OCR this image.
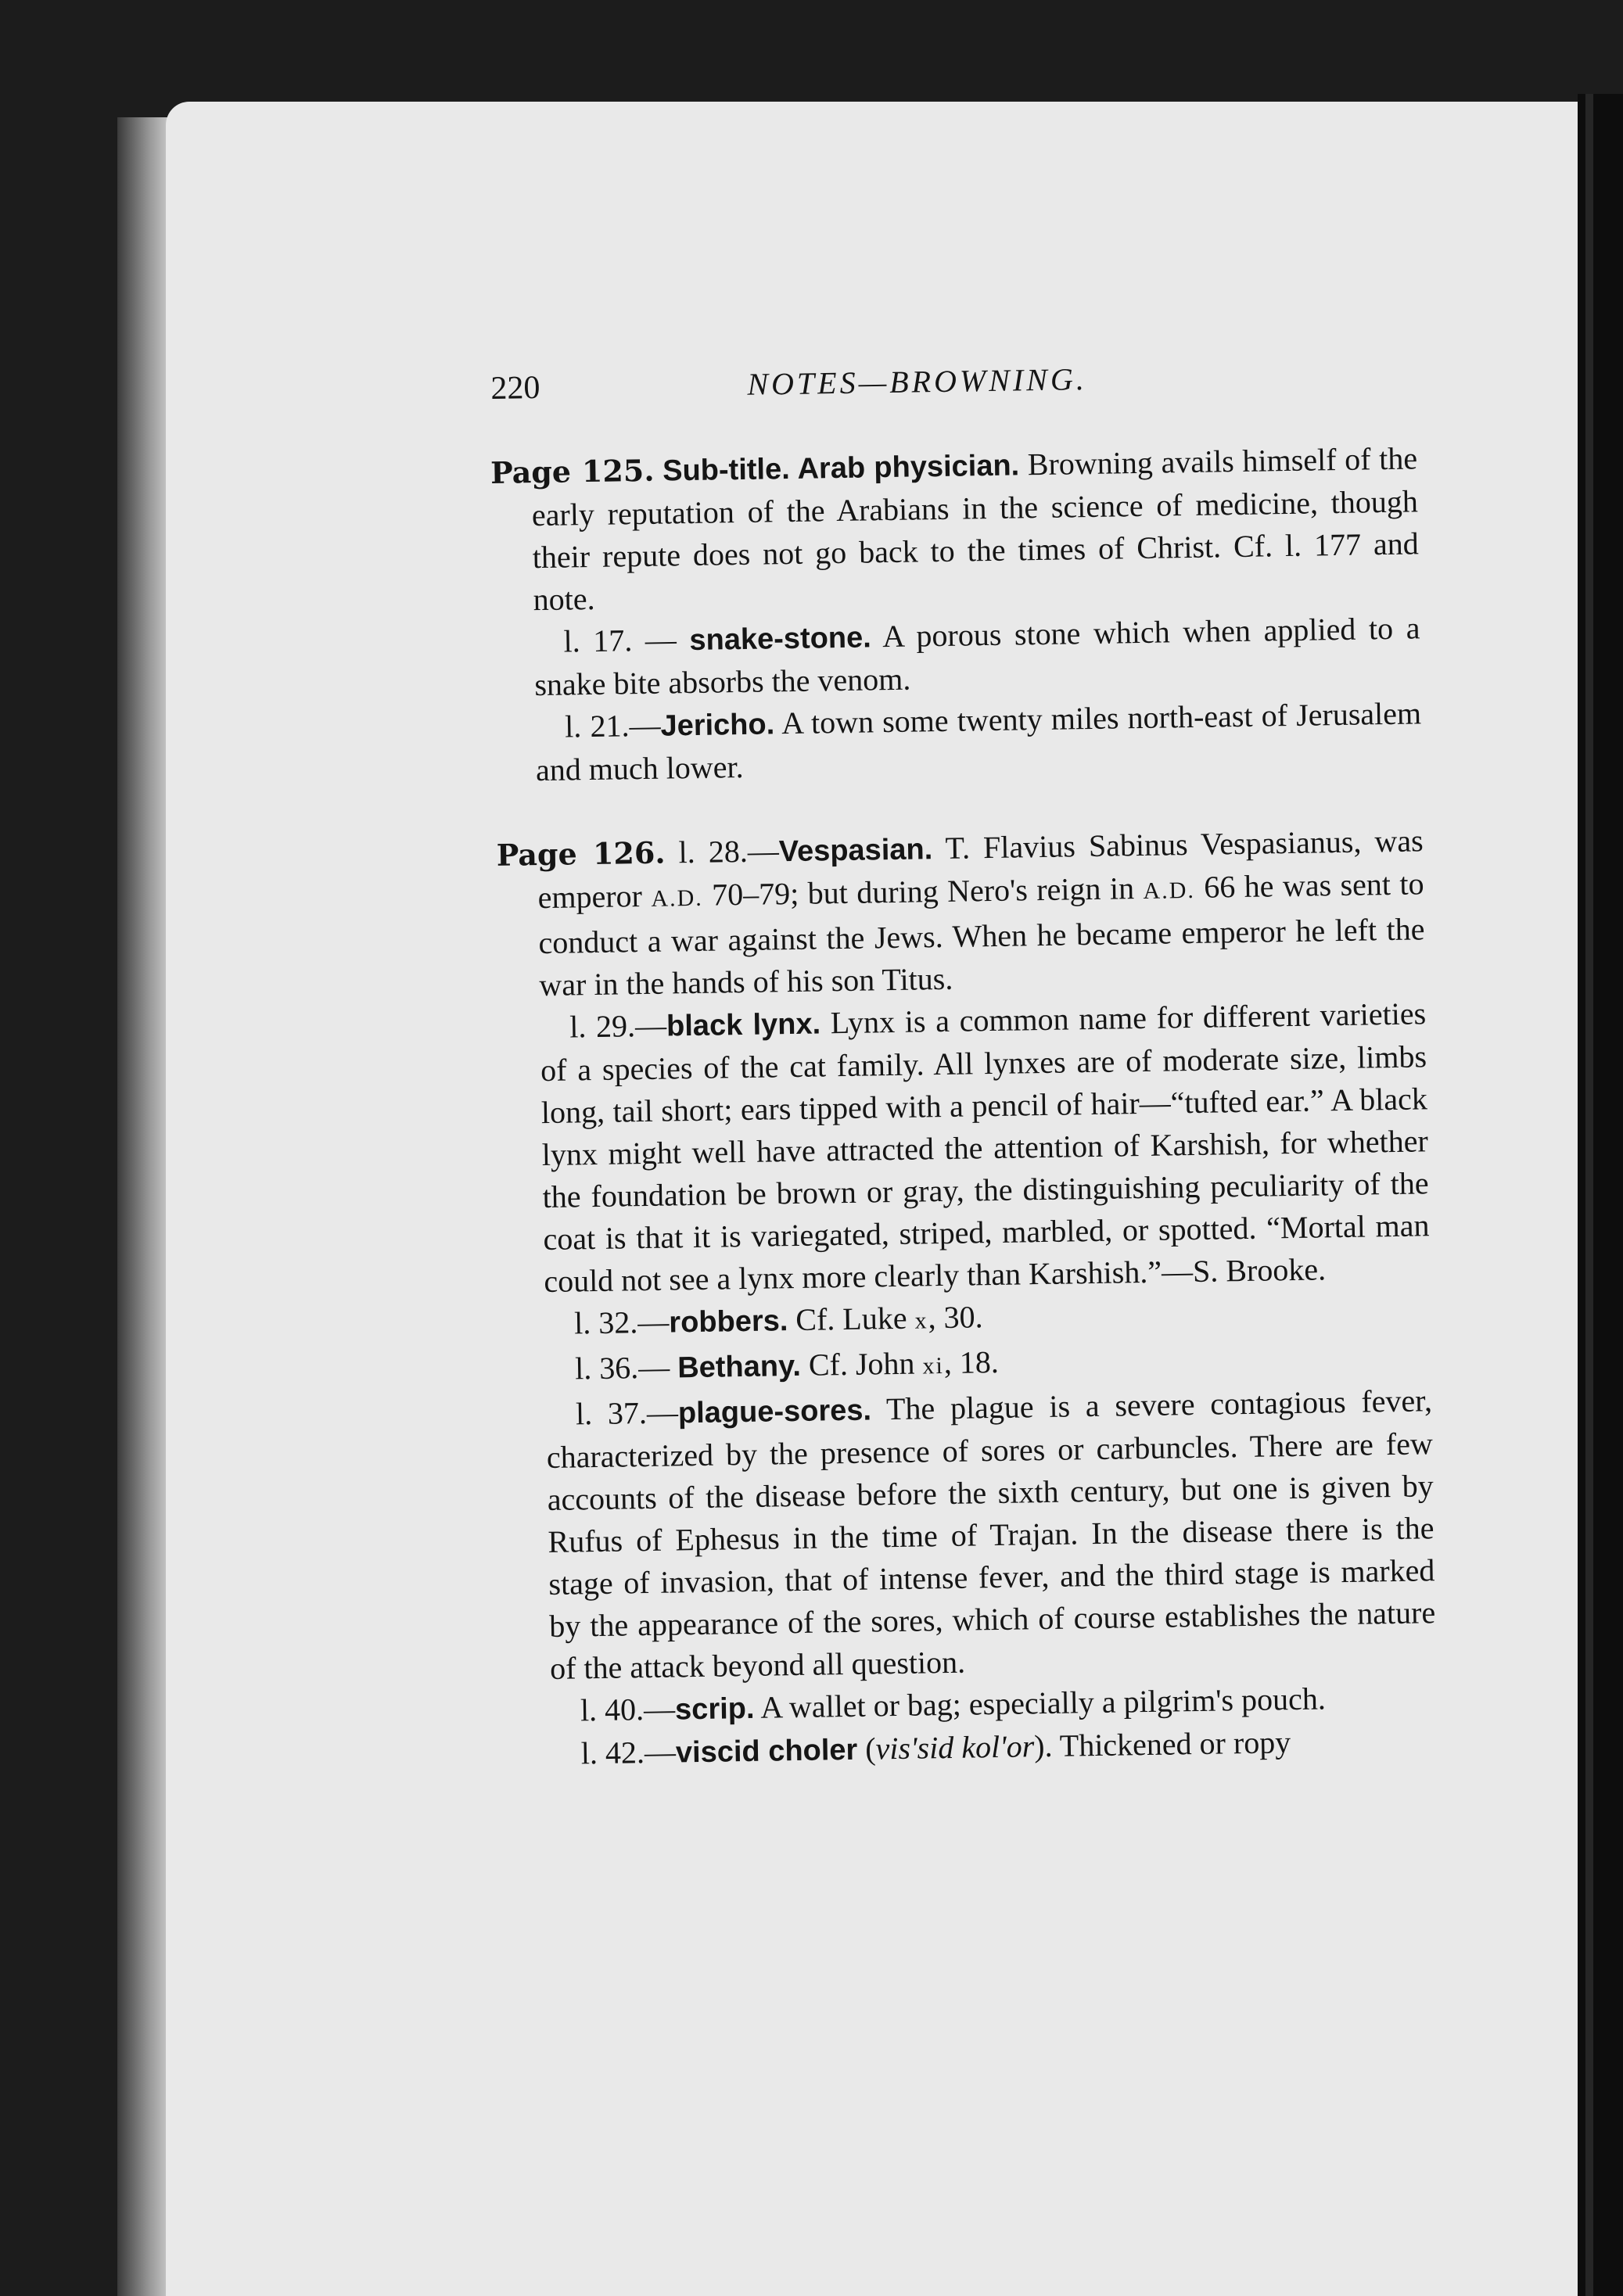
220	NOTES—BROWNING.

Page 125. Sub-title. Arab physician. Browning avails himself of the early reputation of the Arabians in the science of medicine, though their repute does not go back to the times of Christ. Cf. l. 177 and note.

l. 17. — snake-stone. A porous stone which when applied to a snake bite absorbs the venom.

l. 21.—Jericho. A town some twenty miles north-east of Jerusalem and much lower.

Page 126. l. 28.—Vespasian. T. Flavius Sabinus Vespasianus, was emperor A.D. 70–79; but during Nero's reign in A.D. 66 he was sent to conduct a war against the Jews. When he became emperor he left the war in the hands of his son Titus.

l. 29.—black lynx. Lynx is a common name for different varieties of a species of the cat family. All lynxes are of moderate size, limbs long, tail short; ears tipped with a pencil of hair—“tufted ear.” A black lynx might well have attracted the attention of Karshish, for whether the foundation be brown or gray, the distinguishing peculiarity of the coat is that it is variegated, striped, marbled, or spotted. “Mortal man could not see a lynx more clearly than Karshish.”—S. Brooke.

l. 32.—robbers. Cf. Luke x, 30.

l. 36.— Bethany. Cf. John xi, 18.

l. 37.—plague-sores. The plague is a severe contagious fever, characterized by the presence of sores or carbuncles. There are few accounts of the disease before the sixth century, but one is given by Rufus of Ephesus in the time of Trajan. In the disease there is the stage of invasion, that of intense fever, and the third stage is marked by the appearance of the sores, which of course establishes the nature of the attack beyond all question.

l. 40.—scrip. A wallet or bag; especially a pilgrim's pouch.

l. 42.—viscid choler (vis'sid kol'or). Thickened or ropy
